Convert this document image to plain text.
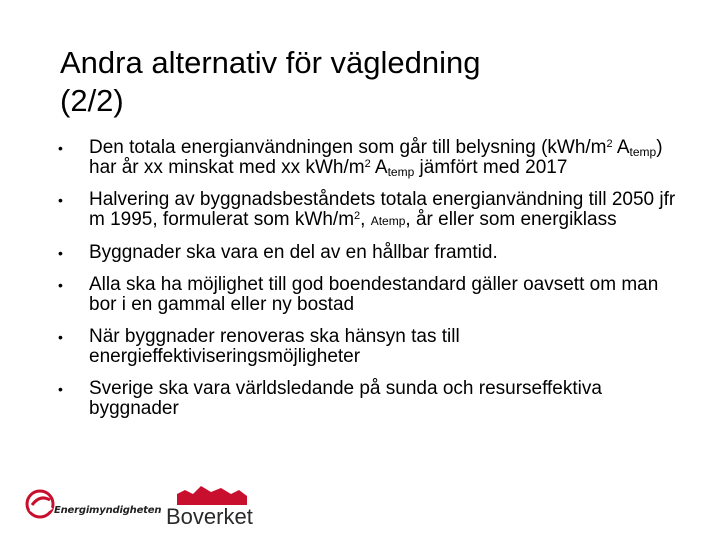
Andra alternativ för vägledning
(2/2)
• Den totala energianvändningen som går till belysning ($kWh/m^2$ $A_{temp}$) har år xx minskat med xx kWh/$m^2$ $A_{temp}$ jämfört med 2017
• Halvering av byggnadsbeståndets totala energianvändning till 2050 jfr m 1995, formulerat som kWh/$m^2$, Atemp, år eller som energiklass
• Byggnader ska vara en del av en hållbar framtid.
• Alla ska ha möjlighet till god boendestandard gäller oavsett om man bor i en gammal eller ny bostad
• När byggnader renoveras ska hänsyn tas till energieffektiviseringsmöjligheter
• Sverige ska vara världsledande på sunda och resurseffektiva byggnader
Energimyndigheten Boverket
